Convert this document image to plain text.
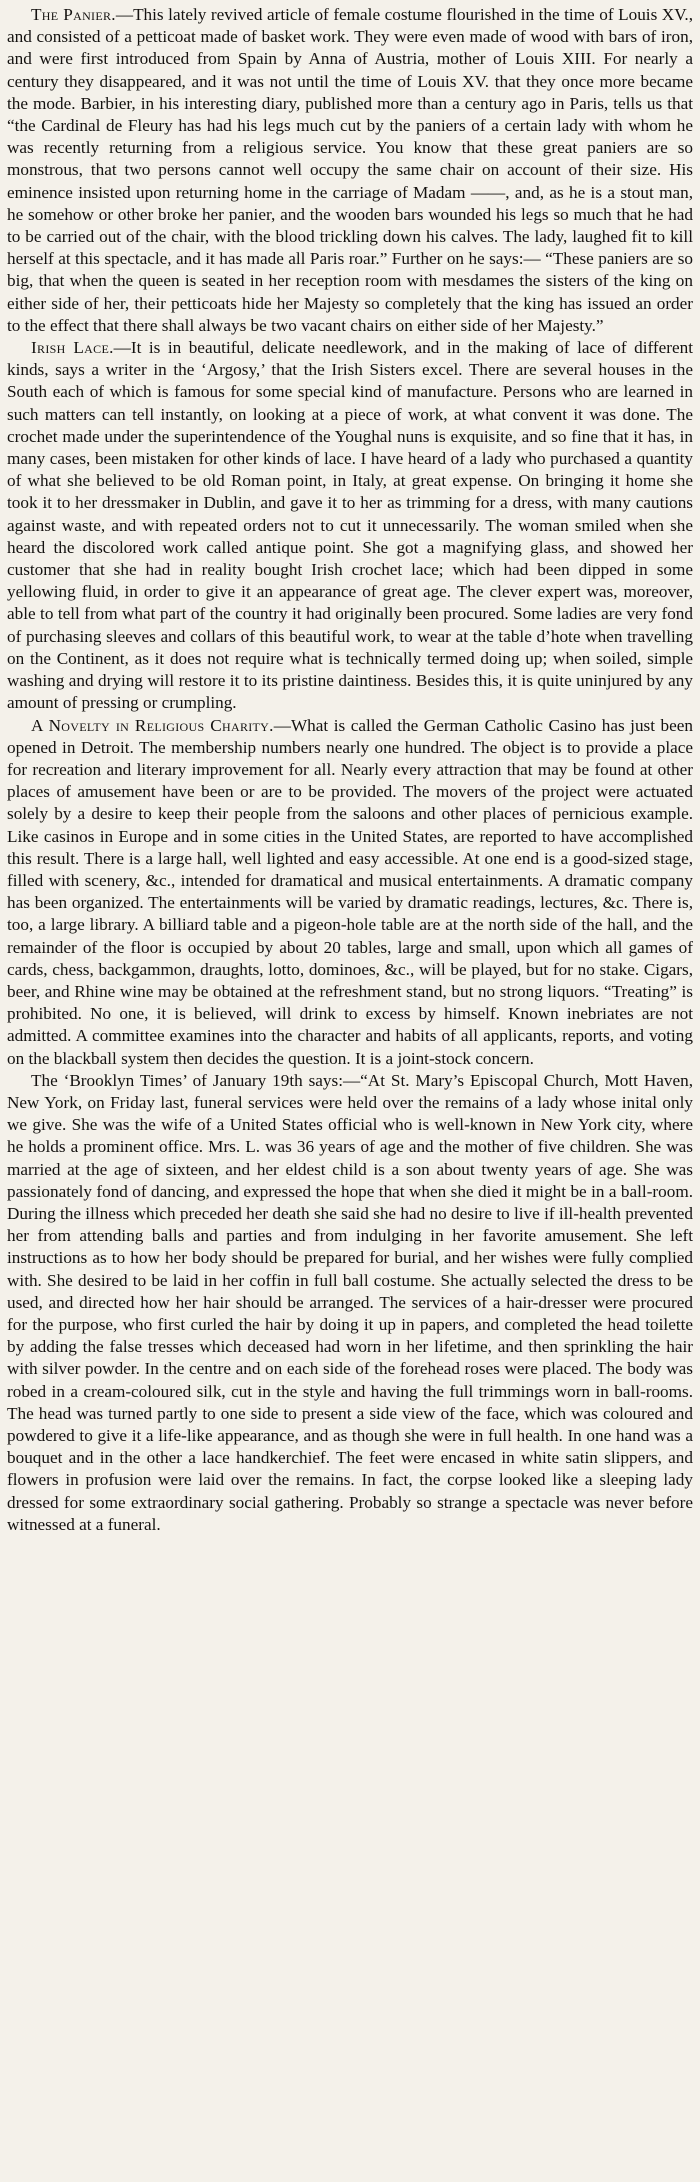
The Panier.—This lately revived article of female costume flourished in the time of Louis XV., and consisted of a petticoat made of basket work. They were even made of wood with bars of iron, and were first introduced from Spain by Anna of Austria, mother of Louis XIII. For nearly a century they disappeared, and it was not until the time of Louis XV. that they once more became the mode. Barbier, in his interesting diary, published more than a century ago in Paris, tells us that “the Cardinal de Fleury has had his legs much cut by the paniers of a certain lady with whom he was recently returning from a religious service. You know that these great paniers are so monstrous, that two persons cannot well occupy the same chair on account of their size. His eminence insisted upon returning home in the carriage of Madam ——, and, as he is a stout man, he somehow or other broke her panier, and the wooden bars wounded his legs so much that he had to be carried out of the chair, with the blood trickling down his calves. The lady, laughed fit to kill herself at this spectacle, and it has made all Paris roar.” Further on he says:— “These paniers are so big, that when the queen is seated in her reception room with mesdames the sisters of the king on either side of her, their petticoats hide her Majesty so completely that the king has issued an order to the effect that there shall always be two vacant chairs on either side of her Majesty.”

Irish Lace.—It is in beautiful, delicate needlework, and in the making of lace of different kinds, says a writer in the ‘Argosy,’ that the Irish Sisters excel. There are several houses in the South each of which is famous for some special kind of manufacture. Persons who are learned in such matters can tell instantly, on looking at a piece of work, at what convent it was done. The crochet made under the superintendence of the Youghal nuns is exquisite, and so fine that it has, in many cases, been mistaken for other kinds of lace. I have heard of a lady who purchased a quantity of what she believed to be old Roman point, in Italy, at great expense. On bringing it home she took it to her dressmaker in Dublin, and gave it to her as trimming for a dress, with many cautions against waste, and with repeated orders not to cut it unnecessarily. The woman smiled when she heard the discolored work called antique point. She got a magnifying glass, and showed her customer that she had in reality bought Irish crochet lace; which had been dipped in some yellowing fluid, in order to give it an appearance of great age. The clever expert was, moreover, able to tell from what part of the country it had originally been procured. Some ladies are very fond of purchasing sleeves and collars of this beautiful work, to wear at the table d’hote when travelling on the Continent, as it does not require what is technically termed doing up; when soiled, simple washing and drying will restore it to its pristine daintiness. Besides this, it is quite uninjured by any amount of pressing or crumpling.

A Novelty in Religious Charity.—What is called the German Catholic Casino has just been opened in Detroit. The membership numbers nearly one hundred. The object is to provide a place for recreation and literary improvement for all. Nearly every attraction that may be found at other places of amusement have been or are to be provided. The movers of the project were actuated solely by a desire to keep their people from the saloons and other places of pernicious example. Like casinos in Europe and in some cities in the United States, are reported to have accomplished this result. There is a large hall, well lighted and easy accessible. At one end is a good-sized stage, filled with scenery, &c., intended for dramatical and musical entertainments. A dramatic company has been organized. The entertainments will be varied by dramatic readings, lectures, &c. There is, too, a large library. A billiard table and a pigeon-hole table are at the north side of the hall, and the remainder of the floor is occupied by about 20 tables, large and small, upon which all games of cards, chess, backgammon, draughts, lotto, dominoes, &c., will be played, but for no stake. Cigars, beer, and Rhine wine may be obtained at the refreshment stand, but no strong liquors. “Treating” is prohibited. No one, it is believed, will drink to excess by himself. Known inebriates are not admitted. A committee examines into the character and habits of all applicants, reports, and voting on the blackball system then decides the question. It is a joint-stock concern.

The ‘Brooklyn Times’ of January 19th says:—“At St. Mary’s Episcopal Church, Mott Haven, New York, on Friday last, funeral services were held over the remains of a lady whose inital only we give. She was the wife of a United States official who is well-known in New York city, where he holds a prominent office. Mrs. L. was 36 years of age and the mother of five children. She was married at the age of sixteen, and her eldest child is a son about twenty years of age. She was passionately fond of dancing, and expressed the hope that when she died it might be in a ball-room. During the illness which preceded her death she said she had no desire to live if ill-health prevented her from attending balls and parties and from indulging in her favorite amusement. She left instructions as to how her body should be prepared for burial, and her wishes were fully complied with. She desired to be laid in her coffin in full ball costume. She actually selected the dress to be used, and directed how her hair should be arranged. The services of a hair-dresser were procured for the purpose, who first curled the hair by doing it up in papers, and completed the head toilette by adding the false tresses which deceased had worn in her lifetime, and then sprinkling the hair with silver powder. In the centre and on each side of the forehead roses were placed. The body was robed in a cream-coloured silk, cut in the style and having the full trimmings worn in ball-rooms. The head was turned partly to one side to present a side view of the face, which was coloured and powdered to give it a life-like appearance, and as though she were in full health. In one hand was a bouquet and in the other a lace handkerchief. The feet were encased in white satin slippers, and flowers in profusion were laid over the remains. In fact, the corpse looked like a sleeping lady dressed for some extraordinary social gathering. Probably so strange a spectacle was never before witnessed at a funeral.
